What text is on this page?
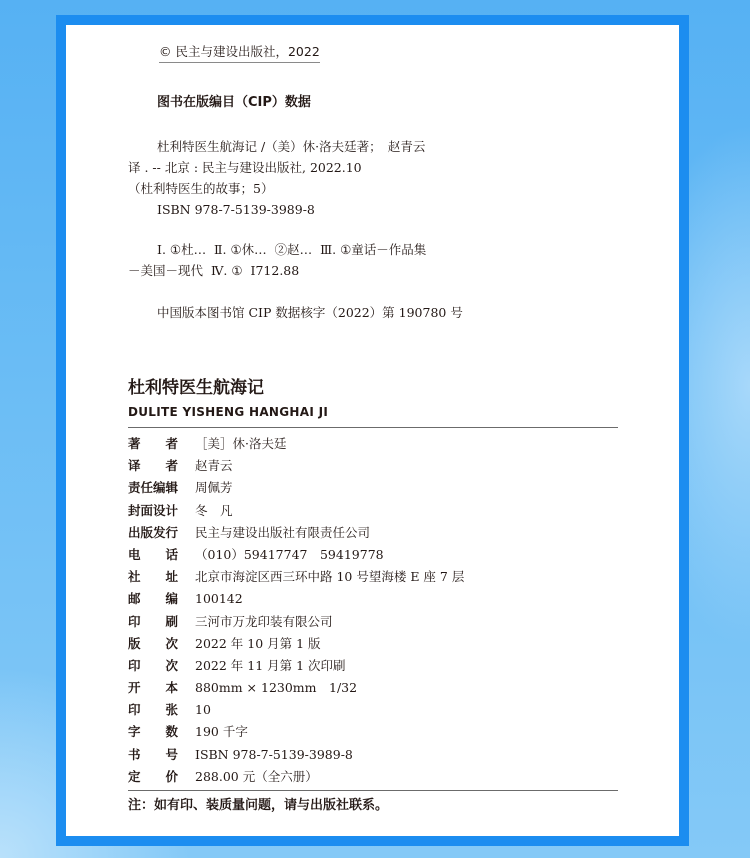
© 民主与建设出版社，2022
图书在版编目（CIP）数据
杜利特医生航海记 /（美）休·洛夫廷著；　赵青云
译 . -- 北京 : 民主与建设出版社, 2022.10
（杜利特医生的故事；5）
ISBN 978-7-5139-3989-8
Ⅰ. ①杜…  Ⅱ. ①休…  ②赵…  Ⅲ. ①童话－作品集
－美国－现代  Ⅳ. ①  I712.88
中国版本图书馆 CIP 数据核字（2022）第 190780 号
杜利特医生航海记
DULITE YISHENG HANGHAI JI
著　　者	［美］休·洛夫廷
译　　者	赵青云
责任编辑	周佩芳
封面设计	冬　凡
出版发行	民主与建设出版社有限责任公司
电　　话	（010）59417747　59419778
社　　址	北京市海淀区西三环中路 10 号望海楼 E 座 7 层
邮　　编	100142
印　　刷	三河市万龙印装有限公司
版　　次	2022 年 10 月第 1 版
印　　次	2022 年 11 月第 1 次印刷
开　　本	880mm × 1230mm　1/32
印　　张	10
字　　数	190 千字
书　　号	ISBN 978-7-5139-3989-8
定　　价	288.00 元（全六册）
注：如有印、装质量问题，请与出版社联系。
